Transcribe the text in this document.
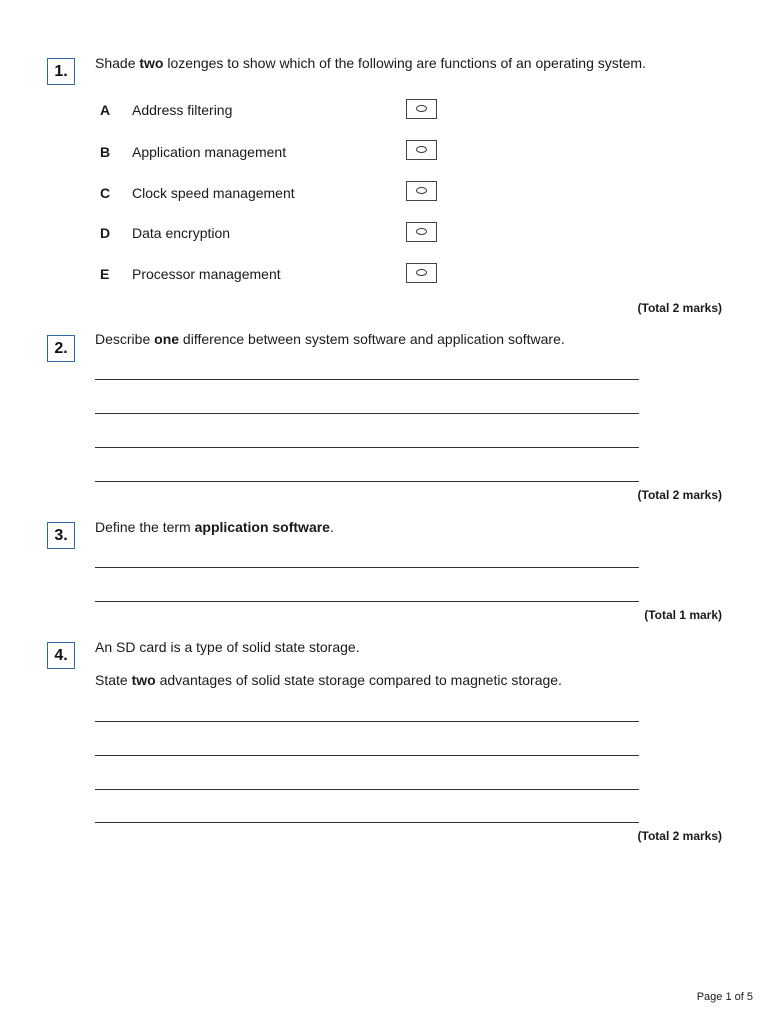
1.	Shade two lozenges to show which of the following are functions of an operating system.
A Address filtering
B Application management
C Clock speed management
D Data encryption
E Processor management
(Total 2 marks)
2.
Describe one difference between system software and application software.
(Total 2 marks)
3.	Define the term application software.
(Total 1 mark)
4.	An SD card is a type of solid state storage.
State two advantages of solid state storage compared to magnetic storage.
(Total 2 marks)
Page 1 of 5
